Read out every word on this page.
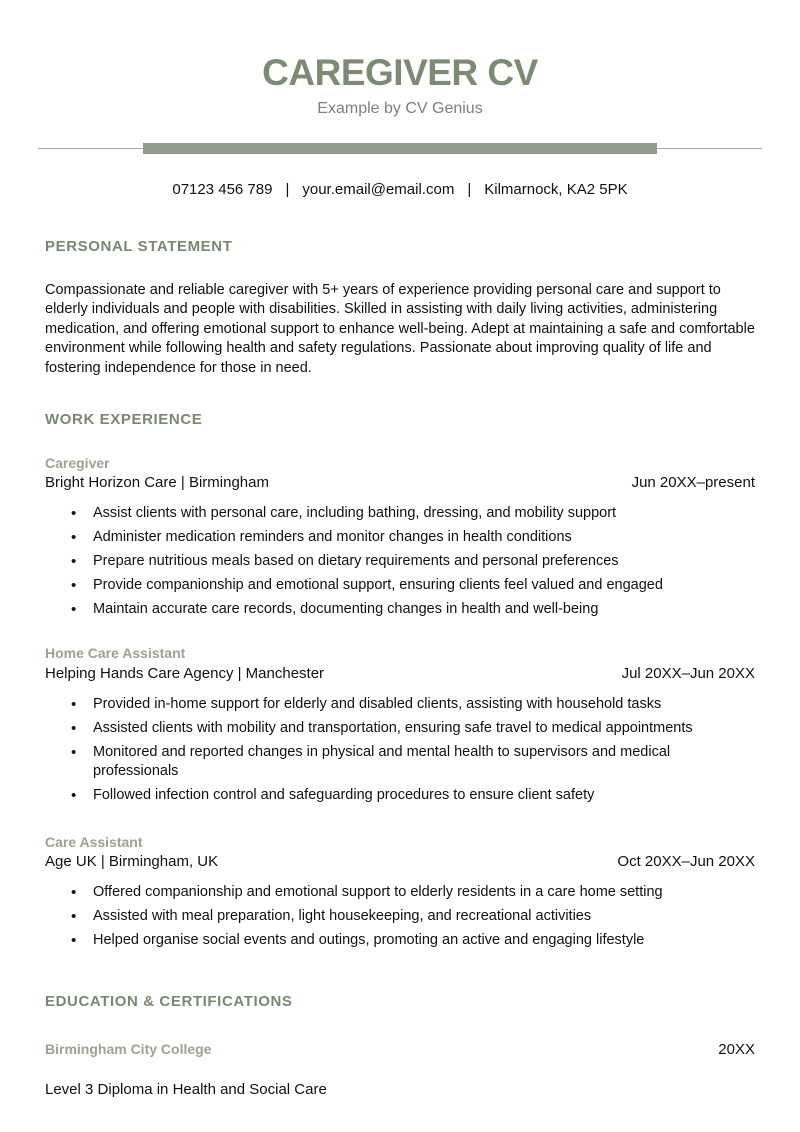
CAREGIVER CV
Example by CV Genius
07123 456 789 | your.email@email.com | Kilmarnock, KA2 5PK
PERSONAL STATEMENT
Compassionate and reliable caregiver with 5+ years of experience providing personal care and support to elderly individuals and people with disabilities. Skilled in assisting with daily living activities, administering medication, and offering emotional support to enhance well-being. Adept at maintaining a safe and comfortable environment while following health and safety regulations. Passionate about improving quality of life and fostering independence for those in need.
WORK EXPERIENCE
Caregiver
Bright Horizon Care | Birmingham	Jun 20XX–present
• Assist clients with personal care, including bathing, dressing, and mobility support
• Administer medication reminders and monitor changes in health conditions
• Prepare nutritious meals based on dietary requirements and personal preferences
• Provide companionship and emotional support, ensuring clients feel valued and engaged
• Maintain accurate care records, documenting changes in health and well-being
Home Care Assistant
Helping Hands Care Agency | Manchester	Jul 20XX–Jun 20XX
• Provided in-home support for elderly and disabled clients, assisting with household tasks
• Assisted clients with mobility and transportation, ensuring safe travel to medical appointments
• Monitored and reported changes in physical and mental health to supervisors and medical professionals
• Followed infection control and safeguarding procedures to ensure client safety
Care Assistant
Age UK | Birmingham, UK	Oct 20XX–Jun 20XX
• Offered companionship and emotional support to elderly residents in a care home setting
• Assisted with meal preparation, light housekeeping, and recreational activities
• Helped organise social events and outings, promoting an active and engaging lifestyle
EDUCATION & CERTIFICATIONS
Birmingham City College	20XX
Level 3 Diploma in Health and Social Care
